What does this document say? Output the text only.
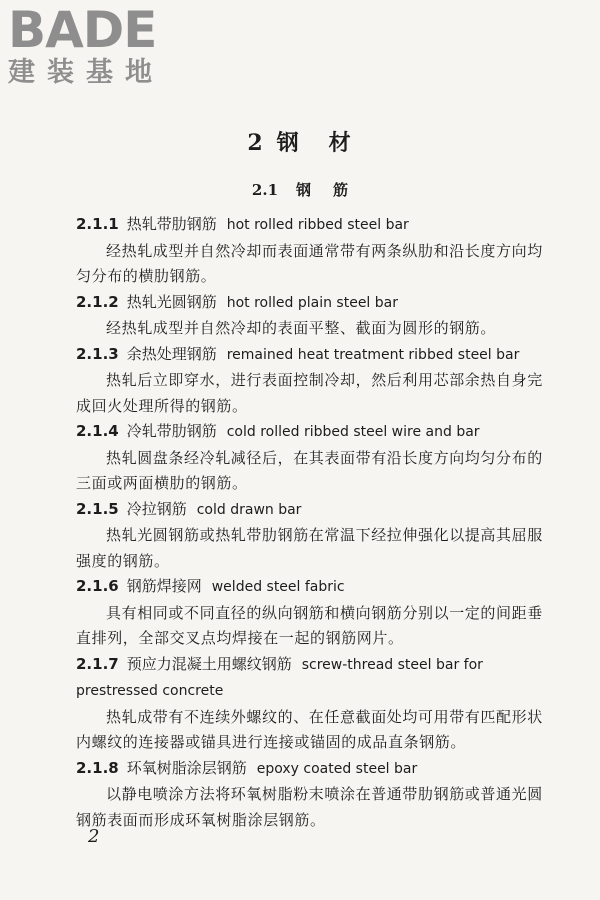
BADE
建装基地
2 钢 材
2.1 钢 筋
2.1.1 热轧带肋钢筋 hot rolled ribbed steel bar
经热轧成型并自然冷却而表面通常带有两条纵肋和沿长度方向均匀分布的横肋钢筋。
2.1.2 热轧光圆钢筋 hot rolled plain steel bar
经热轧成型并自然冷却的表面平整、截面为圆形的钢筋。
2.1.3 余热处理钢筋 remained heat treatment ribbed steel bar
热轧后立即穿水，进行表面控制冷却，然后利用芯部余热自身完成回火处理所得的钢筋。
2.1.4 冷轧带肋钢筋 cold rolled ribbed steel wire and bar
热轧圆盘条经冷轧减径后，在其表面带有沿长度方向均匀分布的三面或两面横肋的钢筋。
2.1.5 冷拉钢筋 cold drawn bar
热轧光圆钢筋或热轧带肋钢筋在常温下经拉伸强化以提高其屈服强度的钢筋。
2.1.6 钢筋焊接网 welded steel fabric
具有相同或不同直径的纵向钢筋和横向钢筋分别以一定的间距垂直排列，全部交叉点均焊接在一起的钢筋网片。
2.1.7 预应力混凝土用螺纹钢筋 screw-thread steel bar for prestressed concrete
热轧成带有不连续外螺纹的、在任意截面处均可用带有匹配形状内螺纹的连接器或锚具进行连接或锚固的成品直条钢筋。
2.1.8 环氧树脂涂层钢筋 epoxy coated steel bar
以静电喷涂方法将环氧树脂粉末喷涂在普通带肋钢筋或普通光圆钢筋表面而形成环氧树脂涂层钢筋。
2
